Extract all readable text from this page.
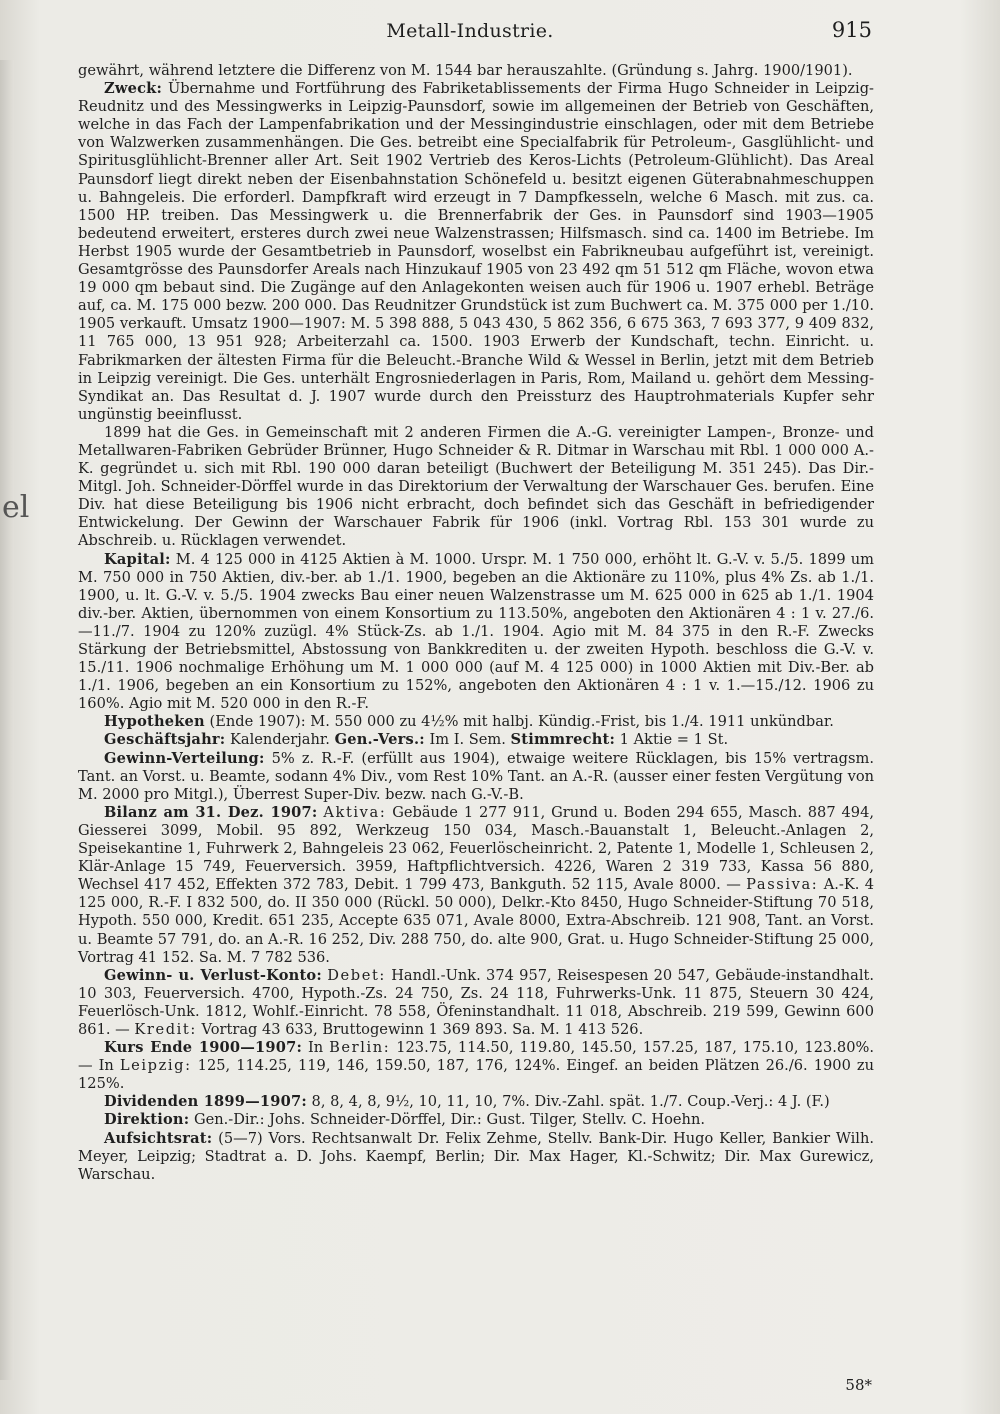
el
Metall-Industrie.	915

gewährt, während letztere die Differenz von M. 1544 bar herauszahlte. (Gründung s. Jahrg. 1900/1901).

Zweck: Übernahme und Fortführung des Fabriketablissements der Firma Hugo Schneider in Leipzig-Reudnitz und des Messingwerks in Leipzig-Paunsdorf, sowie im allgemeinen der Betrieb von Geschäften, welche in das Fach der Lampenfabrikation und der Messingindustrie einschlagen, oder mit dem Betriebe von Walzwerken zusammenhängen. Die Ges. betreibt eine Specialfabrik für Petroleum-, Gasglühlicht- und Spiritusglühlicht-Brenner aller Art. Seit 1902 Vertrieb des Keros-Lichts (Petroleum-Glühlicht). Das Areal Paunsdorf liegt direkt neben der Eisenbahnstation Schönefeld u. besitzt eigenen Güterabnahmeschuppen u. Bahngeleis. Die erforderl. Dampfkraft wird erzeugt in 7 Dampfkesseln, welche 6 Masch. mit zus. ca. 1500 HP. treiben. Das Messingwerk u. die Brennerfabrik der Ges. in Paunsdorf sind 1903—1905 bedeutend erweitert, ersteres durch zwei neue Walzenstrassen; Hilfsmasch. sind ca. 1400 im Betriebe. Im Herbst 1905 wurde der Gesamtbetrieb in Paunsdorf, woselbst ein Fabrikneubau aufgeführt ist, vereinigt. Gesamtgrösse des Paunsdorfer Areals nach Hinzukauf 1905 von 23 492 qm 51 512 qm Fläche, wovon etwa 19 000 qm bebaut sind. Die Zugänge auf den Anlagekonten weisen auch für 1906 u. 1907 erhebl. Beträge auf, ca. M. 175 000 bezw. 200 000. Das Reudnitzer Grundstück ist zum Buchwert ca. M. 375 000 per 1./10. 1905 verkauft. Umsatz 1900—1907: M. 5 398 888, 5 043 430, 5 862 356, 6 675 363, 7 693 377, 9 409 832, 11 765 000, 13 951 928; Arbeiterzahl ca. 1500. 1903 Erwerb der Kundschaft, techn. Einricht. u. Fabrikmarken der ältesten Firma für die Beleucht.-Branche Wild & Wessel in Berlin, jetzt mit dem Betrieb in Leipzig vereinigt. Die Ges. unterhält Engrosniederlagen in Paris, Rom, Mailand u. gehört dem Messing-Syndikat an. Das Resultat d. J. 1907 wurde durch den Preissturz des Hauptrohmaterials Kupfer sehr ungünstig beeinflusst.

1899 hat die Ges. in Gemeinschaft mit 2 anderen Firmen die A.-G. vereinigter Lampen-, Bronze- und Metallwaren-Fabriken Gebrüder Brünner, Hugo Schneider & R. Ditmar in Warschau mit Rbl. 1 000 000 A.-K. gegründet u. sich mit Rbl. 190 000 daran beteiligt (Buchwert der Beteiligung M. 351 245). Das Dir.-Mitgl. Joh. Schneider-Dörffel wurde in das Direktorium der Verwaltung der Warschauer Ges. berufen. Eine Div. hat diese Beteiligung bis 1906 nicht erbracht, doch befindet sich das Geschäft in befriedigender Entwickelung. Der Gewinn der Warschauer Fabrik für 1906 (inkl. Vortrag Rbl. 153 301 wurde zu Abschreib. u. Rücklagen verwendet.

Kapital: M. 4 125 000 in 4125 Aktien à M. 1000. Urspr. M. 1 750 000, erhöht lt. G.-V. v. 5./5. 1899 um M. 750 000 in 750 Aktien, div.-ber. ab 1./1. 1900, begeben an die Aktionäre zu 110%, plus 4% Zs. ab 1./1. 1900, u. lt. G.-V. v. 5./5. 1904 zwecks Bau einer neuen Walzenstrasse um M. 625 000 in 625 ab 1./1. 1904 div.-ber. Aktien, übernommen von einem Konsortium zu 113.50%, angeboten den Aktionären 4 : 1 v. 27./6.—11./7. 1904 zu 120% zuzügl. 4% Stück-Zs. ab 1./1. 1904. Agio mit M. 84 375 in den R.-F. Zwecks Stärkung der Betriebsmittel, Abstossung von Bankkrediten u. der zweiten Hypoth. beschloss die G.-V. v. 15./11. 1906 nochmalige Erhöhung um M. 1 000 000 (auf M. 4 125 000) in 1000 Aktien mit Div.-Ber. ab 1./1. 1906, begeben an ein Konsortium zu 152%, angeboten den Aktionären 4 : 1 v. 1.—15./12. 1906 zu 160%. Agio mit M. 520 000 in den R.-F.

Hypotheken (Ende 1907): M. 550 000 zu 4½% mit halbj. Kündig.-Frist, bis 1./4. 1911 unkündbar.

Geschäftsjahr: Kalenderjahr. Gen.-Vers.: Im I. Sem. Stimmrecht: 1 Aktie = 1 St.

Gewinn-Verteilung: 5% z. R.-F. (erfüllt aus 1904), etwaige weitere Rücklagen, bis 15% vertragsm. Tant. an Vorst. u. Beamte, sodann 4% Div., vom Rest 10% Tant. an A.-R. (ausser einer festen Vergütung von M. 2000 pro Mitgl.), Überrest Super-Div. bezw. nach G.-V.-B.

Bilanz am 31. Dez. 1907: Aktiva: Gebäude 1 277 911, Grund u. Boden 294 655, Masch. 887 494, Giesserei 3099, Mobil. 95 892, Werkzeug 150 034, Masch.-Bauanstalt 1, Beleucht.-Anlagen 2, Speisekantine 1, Fuhrwerk 2, Bahngeleis 23 062, Feuerlöscheinricht. 2, Patente 1, Modelle 1, Schleusen 2, Klär-Anlage 15 749, Feuerversich. 3959, Haftpflichtversich. 4226, Waren 2 319 733, Kassa 56 880, Wechsel 417 452, Effekten 372 783, Debit. 1 799 473, Bankguth. 52 115, Avale 8000. — Passiva: A.-K. 4 125 000, R.-F. I 832 500, do. II 350 000 (Rückl. 50 000), Delkr.-Kto 8450, Hugo Schneider-Stiftung 70 518, Hypoth. 550 000, Kredit. 651 235, Accepte 635 071, Avale 8000, Extra-Abschreib. 121 908, Tant. an Vorst. u. Beamte 57 791, do. an A.-R. 16 252, Div. 288 750, do. alte 900, Grat. u. Hugo Schneider-Stiftung 25 000, Vortrag 41 152. Sa. M. 7 782 536.

Gewinn- u. Verlust-Konto: Debet: Handl.-Unk. 374 957, Reisespesen 20 547, Gebäude-instandhalt. 10 303, Feuerversich. 4700, Hypoth.-Zs. 24 750, Zs. 24 118, Fuhrwerks-Unk. 11 875, Steuern 30 424, Feuerlösch-Unk. 1812, Wohlf.-Einricht. 78 558, Öfeninstandhalt. 11 018, Abschreib. 219 599, Gewinn 600 861. — Kredit: Vortrag 43 633, Bruttogewinn 1 369 893. Sa. M. 1 413 526.

Kurs Ende 1900—1907: In Berlin: 123.75, 114.50, 119.80, 145.50, 157.25, 187, 175.10, 123.80%. — In Leipzig: 125, 114.25, 119, 146, 159.50, 187, 176, 124%. Eingef. an beiden Plätzen 26./6. 1900 zu 125%.

Dividenden 1899—1907: 8, 8, 4, 8, 9½, 10, 11, 10, 7%. Div.-Zahl. spät. 1./7. Coup.-Verj.: 4 J. (F.)

Direktion: Gen.-Dir.: Johs. Schneider-Dörffel, Dir.: Gust. Tilger, Stellv. C. Hoehn.

Aufsichtsrat: (5—7) Vors. Rechtsanwalt Dr. Felix Zehme, Stellv. Bank-Dir. Hugo Keller, Bankier Wilh. Meyer, Leipzig; Stadtrat a. D. Johs. Kaempf, Berlin; Dir. Max Hager, Kl.-Schwitz; Dir. Max Gurewicz, Warschau.

58*
